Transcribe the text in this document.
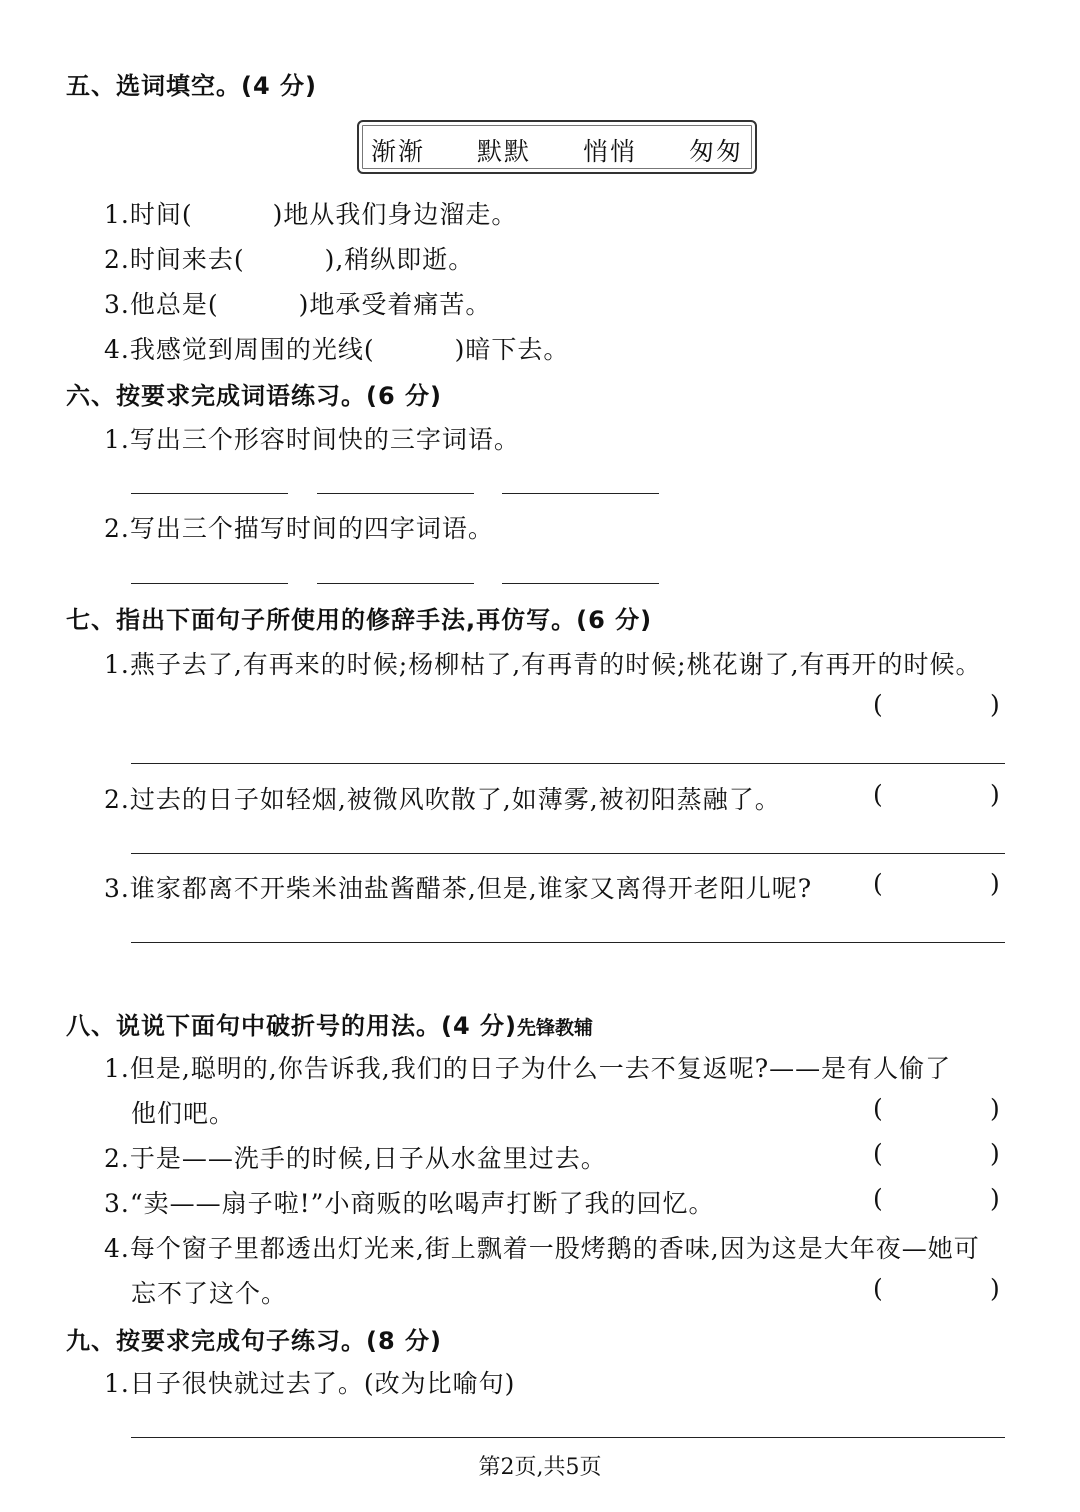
五、选词填空。(4 分)
渐渐 默默 悄悄 匆匆
1.时间(	)地从我们身边溜走。
2.时间来去(	),稍纵即逝。
3.他总是(	)地承受着痛苦。
4.我感觉到周围的光线(	)暗下去。
六、按要求完成词语练习。(6 分)
1.写出三个形容时间快的三字词语。
2.写出三个描写时间的四字词语。
七、指出下面句子所使用的修辞手法,再仿写。(6 分)
1.燕子去了,有再来的时候;杨柳枯了,有再青的时候;桃花谢了,有再开的时候。
(	)
2.过去的日子如轻烟,被微风吹散了,如薄雾,被初阳蒸融了。	(	)
3.谁家都离不开柴米油盐酱醋茶,但是,谁家又离得开老阳儿呢? (	)
八、说说下面句中破折号的用法。(4 分)先锋教辅
1.但是,聪明的,你告诉我,我们的日子为什么一去不复返呢?——是有人偷了
他们吧。	(	)
2.于是——洗手的时候,日子从水盆里过去。	(	)
3.“卖——扇子啦!”小商贩的吆喝声打断了我的回忆。	(	)
4.每个窗子里都透出灯光来,街上飘着一股烤鹅的香味,因为这是大年夜—她可
忘不了这个。	(	)
九、按要求完成句子练习。(8 分)
1.日子很快就过去了。(改为比喻句)
第2页,共5页
